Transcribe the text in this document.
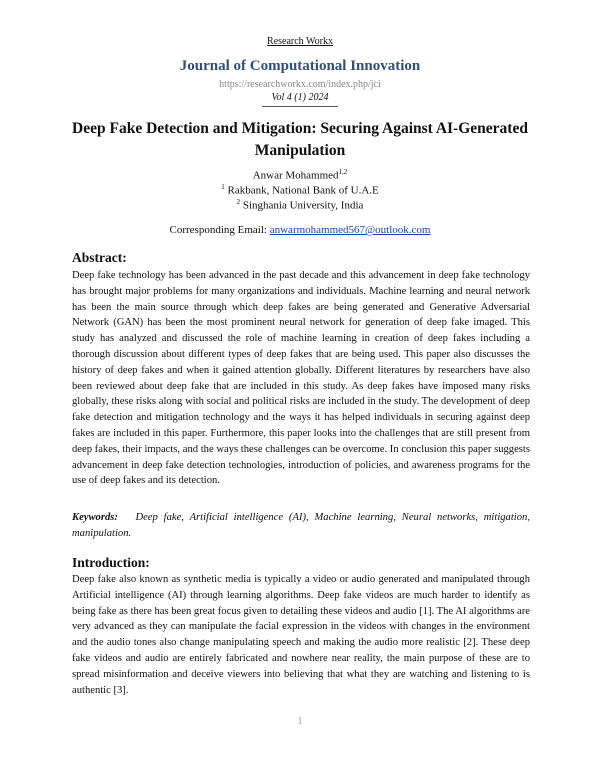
Research Workx
Journal of Computational Innovation
https://researchworkx.com/index.php/jci
Vol 4 (1) 2024
Deep Fake Detection and Mitigation: Securing Against AI-Generated Manipulation
Anwar Mohammed$^{1,2}$
$^1$ Rakbank, National Bank of U.A.E
$^2$ Singhania University, India
Corresponding Email: anwarmohammed567@outlook.com
Abstract:

Deep fake technology has been advanced in the past decade and this advancement in deep fake technology has brought major problems for many organizations and individuals. Machine learning and neural network has been the main source through which deep fakes are being generated and Generative Adversarial Network (GAN) has been the most prominent neural network for generation of deep fake imaged. This study has analyzed and discussed the role of machine learning in creation of deep fakes including a thorough discussion about different types of deep fakes that are being used. This paper also discusses the history of deep fakes and when it gained attention globally. Different literatures by researchers have also been reviewed about deep fake that are included in this study. As deep fakes have imposed many risks globally, these risks along with social and political risks are included in the study. The development of deep fake detection and mitigation technology and the ways it has helped individuals in securing against deep fakes are included in this paper. Furthermore, this paper looks into the challenges that are still present from deep fakes, their impacts, and the ways these challenges can be overcome. In conclusion this paper suggests advancement in deep fake detection technologies, introduction of policies, and awareness programs for the use of deep fakes and its detection.

Keywords: Deep fake, Artificial intelligence (AI), Machine learning, Neural networks, mitigation, manipulation.
Introduction:

Deep fake also known as synthetic media is typically a video or audio generated and manipulated through Artificial intelligence (AI) through learning algorithms. Deep fake videos are much harder to identify as being fake as there has been great focus given to detailing these videos and audio [1]. The AI algorithms are very advanced as they can manipulate the facial expression in the videos with changes in the environment and the audio tones also change manipulating speech and making the audio more realistic [2]. These deep fake videos and audio are entirely fabricated and nowhere near reality, the main purpose of these are to spread misinformation and deceive viewers into believing that what they are watching and listening to is authentic [3].

1
